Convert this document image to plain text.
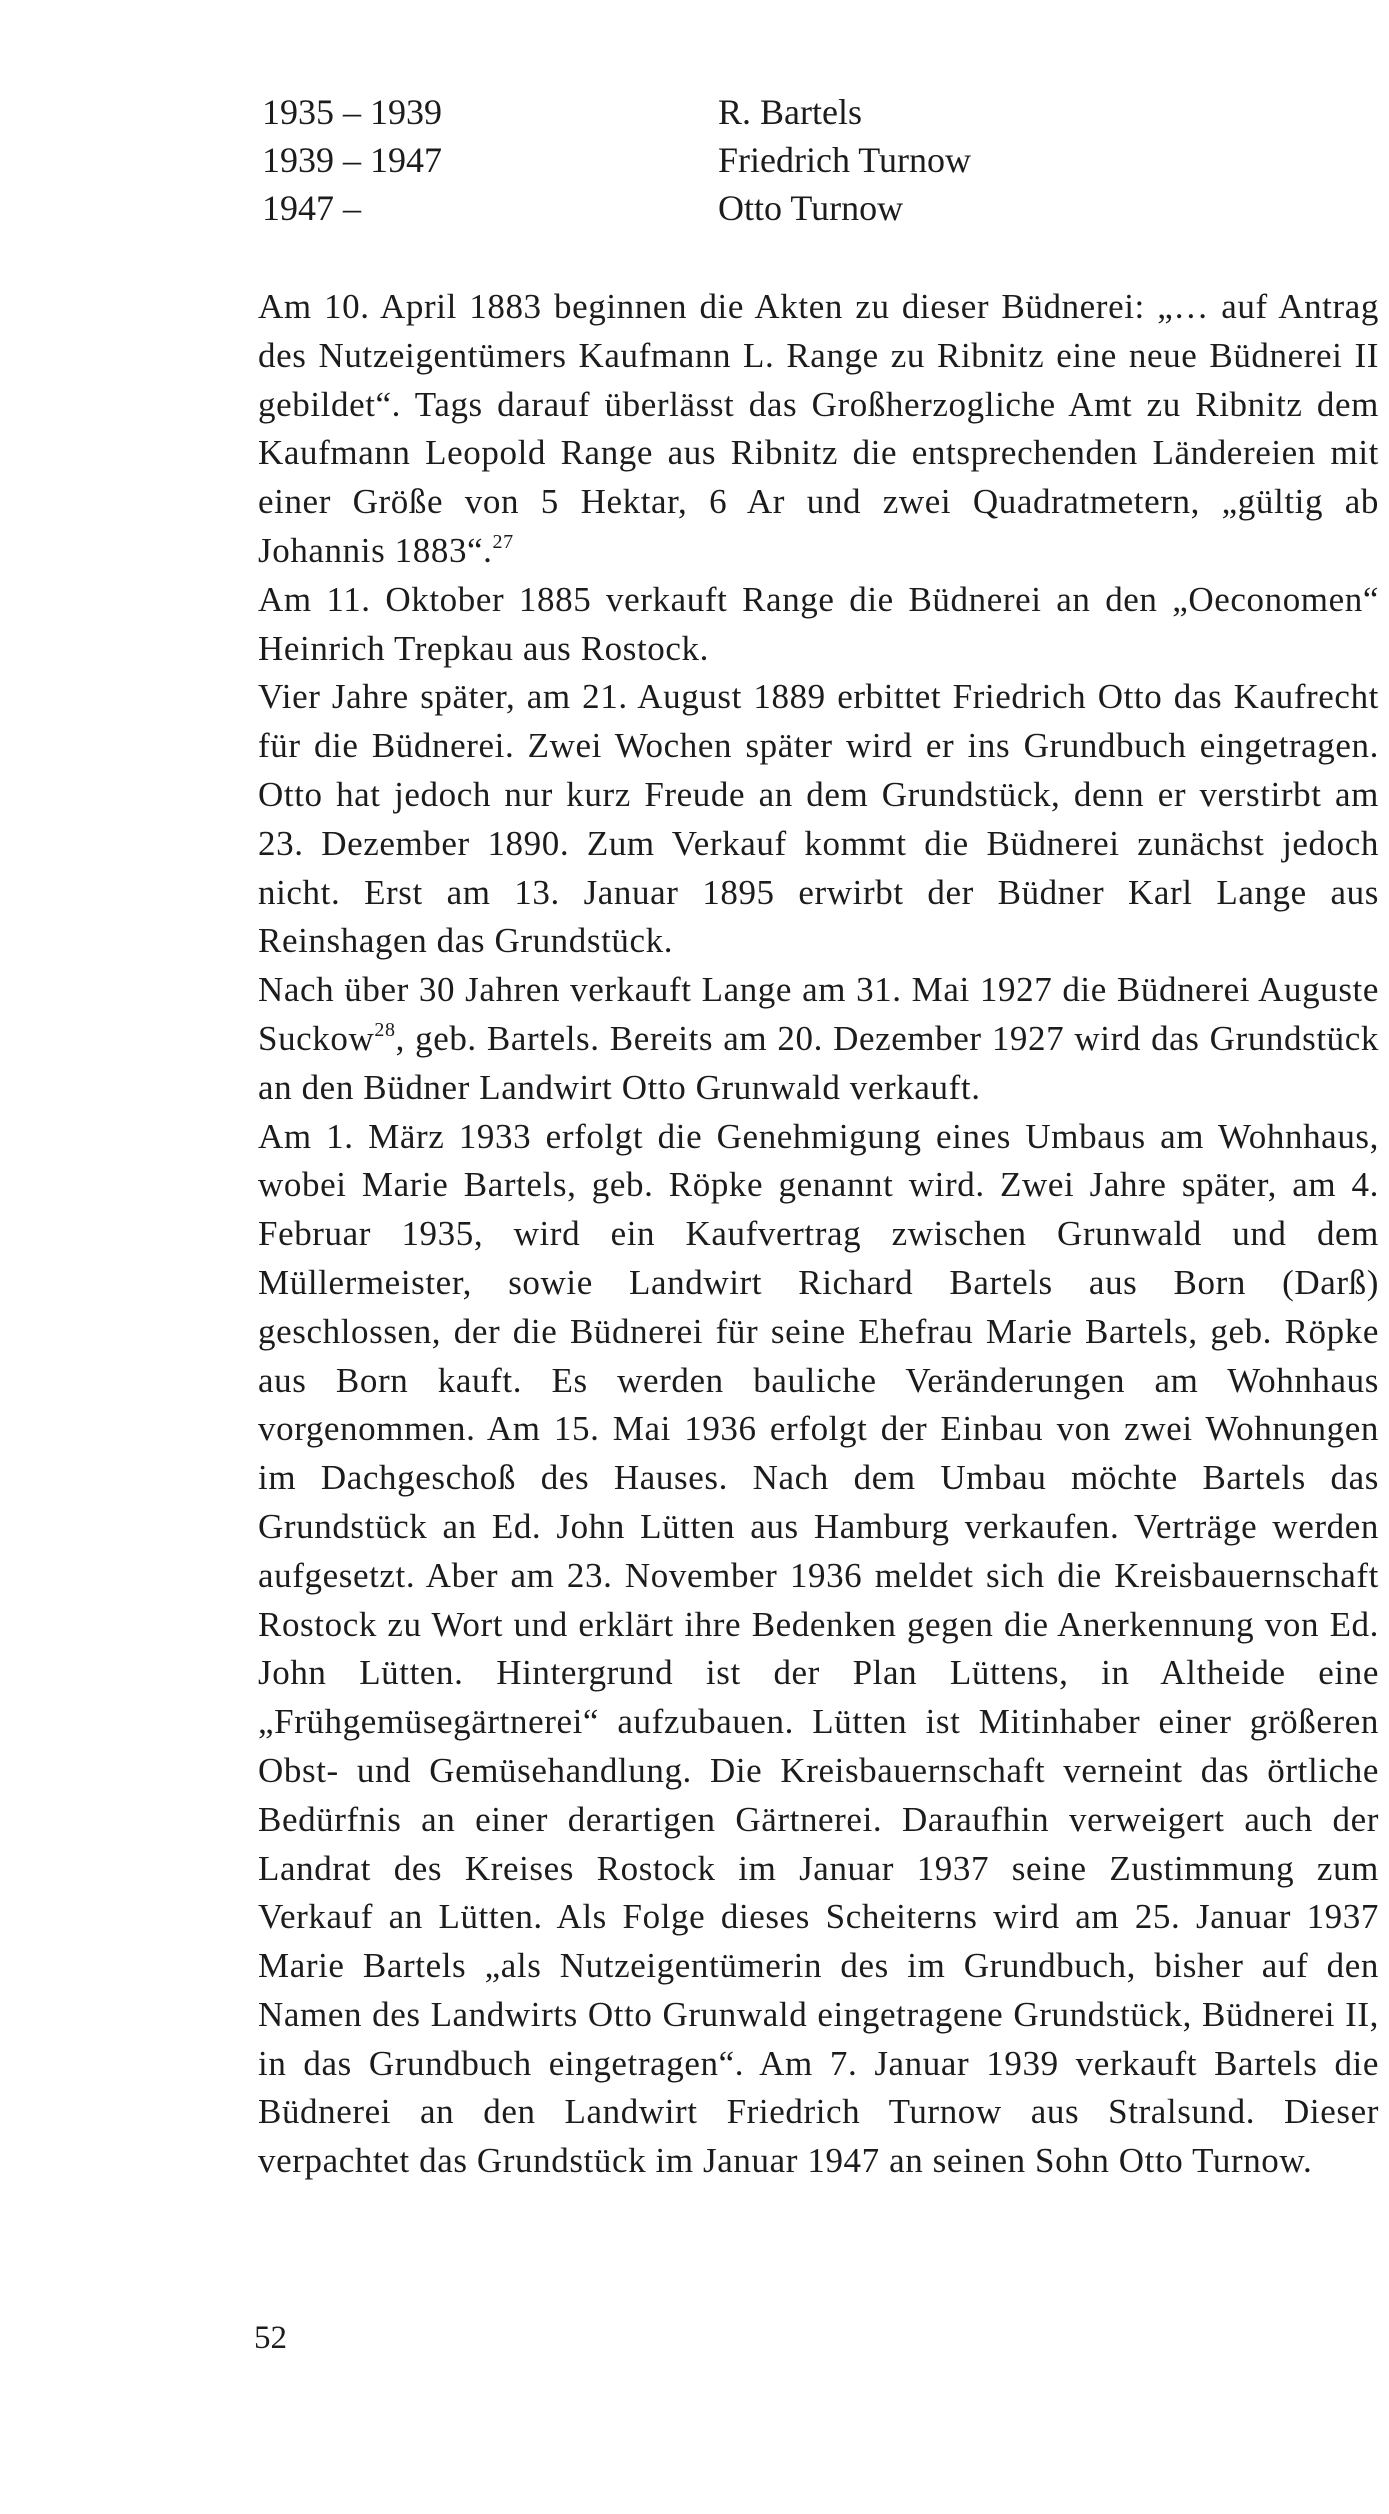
1935 – 1939	R. Bartels
1939 – 1947	Friedrich Turnow
1947 –	Otto Turnow

Am 10. April 1883 beginnen die Akten zu dieser Büdnerei: „… auf Antrag des Nutzeigentümers Kaufmann L. Range zu Ribnitz eine neue Büdnerei II gebildet“. Tags darauf überlässt das Großherzogliche Amt zu Ribnitz dem Kaufmann Leopold Range aus Ribnitz die entsprechenden Ländereien mit einer Größe von 5 Hektar, 6 Ar und zwei Quadratmetern, „gültig ab Johannis 1883“.$^{27}$

Am 11. Oktober 1885 verkauft Range die Büdnerei an den „Oeconomen“ Heinrich Trepkau aus Rostock.

Vier Jahre später, am 21. August 1889 erbittet Friedrich Otto das Kaufrecht für die Büdnerei. Zwei Wochen später wird er ins Grundbuch eingetragen. Otto hat jedoch nur kurz Freude an dem Grundstück, denn er verstirbt am 23. Dezember 1890. Zum Verkauf kommt die Büdnerei zunächst jedoch nicht. Erst am 13. Januar 1895 erwirbt der Büdner Karl Lange aus Reinshagen das Grundstück.

Nach über 30 Jahren verkauft Lange am 31. Mai 1927 die Büdnerei Auguste Suckow$^{28}$, geb. Bartels. Bereits am 20. Dezember 1927 wird das Grundstück an den Büdner Landwirt Otto Grunwald verkauft.

Am 1. März 1933 erfolgt die Genehmigung eines Umbaus am Wohnhaus, wobei Marie Bartels, geb. Röpke genannt wird. Zwei Jahre später, am 4. Februar 1935, wird ein Kaufvertrag zwischen Grunwald und dem Müllermeister, sowie Landwirt Richard Bartels aus Born (Darß) geschlossen, der die Büdnerei für seine Ehefrau Marie Bartels, geb. Röpke aus Born kauft. Es werden bauliche Veränderungen am Wohnhaus vorgenommen. Am 15. Mai 1936 erfolgt der Einbau von zwei Wohnungen im Dachgeschoß des Hauses. Nach dem Umbau möchte Bartels das Grundstück an Ed. John Lütten aus Hamburg verkaufen. Verträge werden aufgesetzt. Aber am 23. November 1936 meldet sich die Kreisbauernschaft Rostock zu Wort und erklärt ihre Bedenken gegen die Anerkennung von Ed. John Lütten. Hintergrund ist der Plan Lüttens, in Altheide eine „Frühgemüsegärtnerei“ aufzubauen. Lütten ist Mitinhaber einer größeren Obst- und Gemüsehandlung. Die Kreisbauernschaft verneint das örtliche Bedürfnis an einer derartigen Gärtnerei. Daraufhin verweigert auch der Landrat des Kreises Rostock im Januar 1937 seine Zustimmung zum Verkauf an Lütten. Als Folge dieses Scheiterns wird am 25. Januar 1937 Marie Bartels „als Nutzeigentümerin des im Grundbuch, bisher auf den Namen des Landwirts Otto Grunwald eingetragene Grundstück, Büdnerei II, in das Grundbuch eingetragen“. Am 7. Januar 1939 verkauft Bartels die Büdnerei an den Landwirt Friedrich Turnow aus Stralsund. Dieser verpachtet das Grundstück im Januar 1947 an seinen Sohn Otto Turnow.

52
